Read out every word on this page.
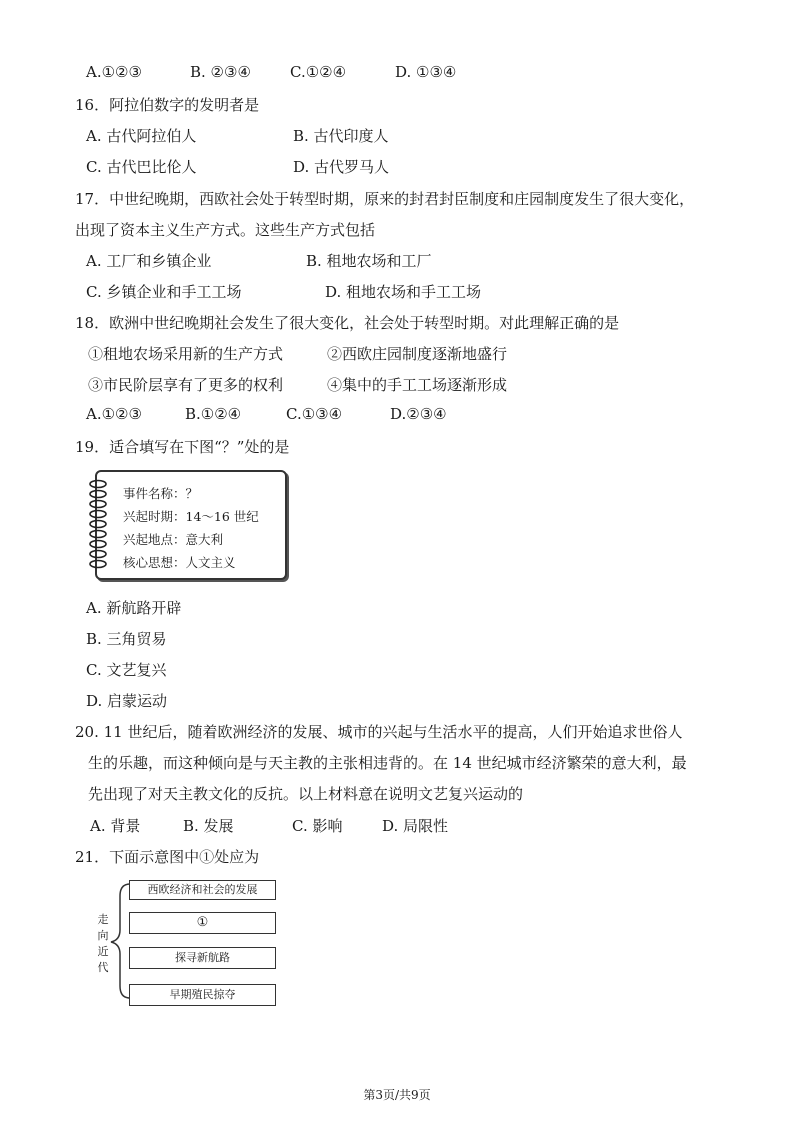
A.①②③	B. ②③④	C.①②④	D. ①③④
16．阿拉伯数字的发明者是
A. 古代阿拉伯人	B. 古代印度人
C. 古代巴比伦人	D. 古代罗马人
17．中世纪晚期，西欧社会处于转型时期，原来的封君封臣制度和庄园制度发生了很大变化，
出现了资本主义生产方式。这些生产方式包括
A. 工厂和乡镇企业	B. 租地农场和工厂
C. 乡镇企业和手工工场	D. 租地农场和手工工场
18．欧洲中世纪晚期社会发生了很大变化，社会处于转型时期。对此理解正确的是
①租地农场采用新的生产方式	②西欧庄园制度逐渐地盛行
③市民阶层享有了更多的权利	④集中的手工工场逐渐形成
A.①②③	B.①②④	C.①③④	D.②③④
19．适合填写在下图“？”处的是
事件名称：？
兴起时期：14～16 世纪
兴起地点：意大利
核心思想：人文主义
A. 新航路开辟
B. 三角贸易
C. 文艺复兴
D. 启蒙运动
20. 11 世纪后，随着欧洲经济的发展、城市的兴起与生活水平的提高，人们开始追求世俗人
生的乐趣，而这种倾向是与天主教的主张相违背的。在 14 世纪城市经济繁荣的意大利，最
先出现了对天主教文化的反抗。以上材料意在说明文艺复兴运动的
A. 背景	B. 发展	C. 影响	D. 局限性
21．下面示意图中①处应为
走
向
近
代
西欧经济和社会的发展
①
探寻新航路
早期殖民掠夺
第3页/共9页
